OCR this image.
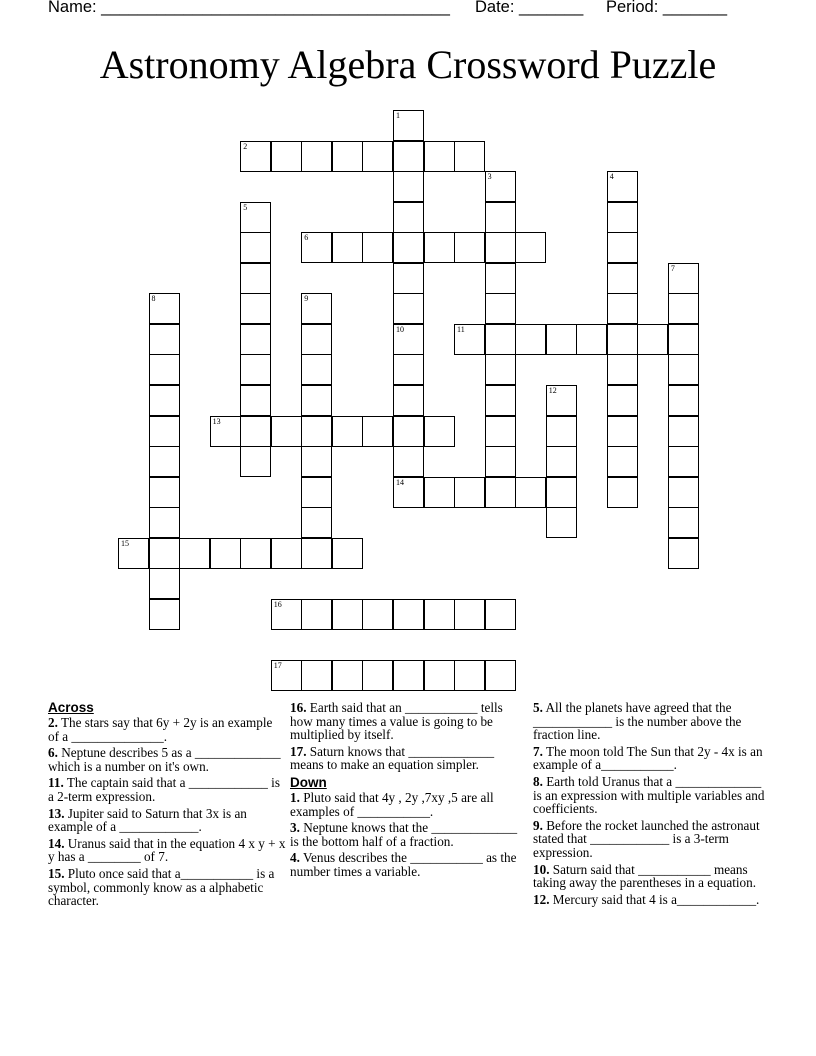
Name: ______________________________________ Date: _______ Period: _______
Astronomy Algebra Crossword Puzzle
2
6
11
13
15
14
16
17
1
10
3	4
5
7
8	9
12
Across
2. The stars say that 6y + 2y is an example of a ______________.
6. Neptune describes 5 as a _____________ which is a number on it's own.
11. The captain said that a ____________ is a 2-term expression.
13. Jupiter said to Saturn that 3x is an example of a ____________.
14. Uranus said that in the equation 4 x y + x y has a ________ of 7.
15. Pluto once said that a___________ is a symbol, commonly know as a alphabetic character.
16. Earth said that an ___________ tells how many times a value is going to be multiplied by itself.
17. Saturn knows that _____________ means to make an equation simpler.
Down
1. Pluto said that 4y , 2y ,7xy ,5 are all examples of ___________.
3. Neptune knows that the _____________ is the bottom half of a fraction.
4. Venus describes the ___________ as the number times a variable.
5. All the planets have agreed that the ____________ is the number above the fraction line.
7. The moon told The Sun that 2y - 4x is an example of a___________.
8. Earth told Uranus that a _____________ is an expression with multiple variables and coefficients.
9. Before the rocket launched the astronaut stated that ____________ is a 3-term expression.
10. Saturn said that ___________ means taking away the parentheses in a equation.
12. Mercury said that 4 is a____________.
